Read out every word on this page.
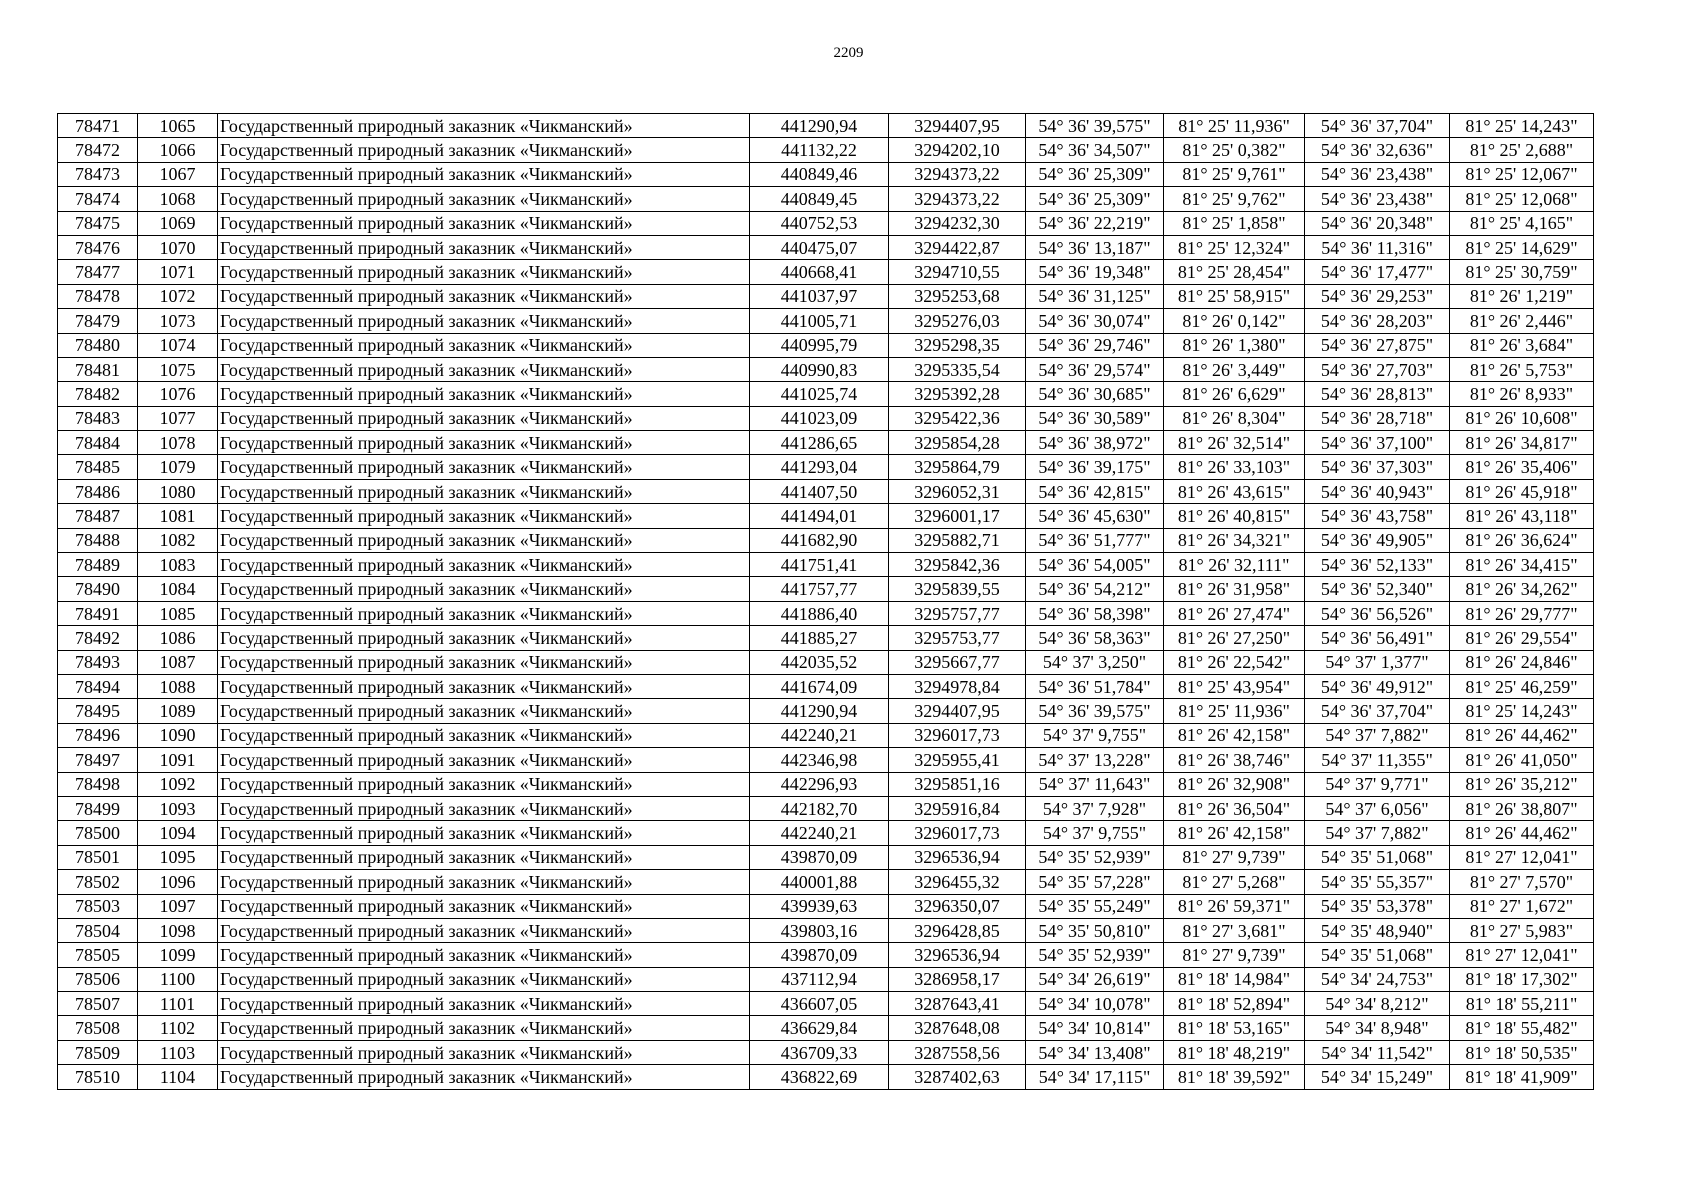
2209
78471	1065	Государственный природный заказник «Чикманский»	441290,94	3294407,95	54° 36' 39,575"	81° 25' 11,936"	54° 36' 37,704"	81° 25' 14,243"
78472	1066	Государственный природный заказник «Чикманский»	441132,22	3294202,10	54° 36' 34,507"	81° 25' 0,382"	54° 36' 32,636"	81° 25' 2,688"
78473	1067	Государственный природный заказник «Чикманский»	440849,46	3294373,22	54° 36' 25,309"	81° 25' 9,761"	54° 36' 23,438"	81° 25' 12,067"
78474	1068	Государственный природный заказник «Чикманский»	440849,45	3294373,22	54° 36' 25,309"	81° 25' 9,762"	54° 36' 23,438"	81° 25' 12,068"
78475	1069	Государственный природный заказник «Чикманский»	440752,53	3294232,30	54° 36' 22,219"	81° 25' 1,858"	54° 36' 20,348"	81° 25' 4,165"
78476	1070	Государственный природный заказник «Чикманский»	440475,07	3294422,87	54° 36' 13,187"	81° 25' 12,324"	54° 36' 11,316"	81° 25' 14,629"
78477	1071	Государственный природный заказник «Чикманский»	440668,41	3294710,55	54° 36' 19,348"	81° 25' 28,454"	54° 36' 17,477"	81° 25' 30,759"
78478	1072	Государственный природный заказник «Чикманский»	441037,97	3295253,68	54° 36' 31,125"	81° 25' 58,915"	54° 36' 29,253"	81° 26' 1,219"
78479	1073	Государственный природный заказник «Чикманский»	441005,71	3295276,03	54° 36' 30,074"	81° 26' 0,142"	54° 36' 28,203"	81° 26' 2,446"
78480	1074	Государственный природный заказник «Чикманский»	440995,79	3295298,35	54° 36' 29,746"	81° 26' 1,380"	54° 36' 27,875"	81° 26' 3,684"
78481	1075	Государственный природный заказник «Чикманский»	440990,83	3295335,54	54° 36' 29,574"	81° 26' 3,449"	54° 36' 27,703"	81° 26' 5,753"
78482	1076	Государственный природный заказник «Чикманский»	441025,74	3295392,28	54° 36' 30,685"	81° 26' 6,629"	54° 36' 28,813"	81° 26' 8,933"
78483	1077	Государственный природный заказник «Чикманский»	441023,09	3295422,36	54° 36' 30,589"	81° 26' 8,304"	54° 36' 28,718"	81° 26' 10,608"
78484	1078	Государственный природный заказник «Чикманский»	441286,65	3295854,28	54° 36' 38,972"	81° 26' 32,514"	54° 36' 37,100"	81° 26' 34,817"
78485	1079	Государственный природный заказник «Чикманский»	441293,04	3295864,79	54° 36' 39,175"	81° 26' 33,103"	54° 36' 37,303"	81° 26' 35,406"
78486	1080	Государственный природный заказник «Чикманский»	441407,50	3296052,31	54° 36' 42,815"	81° 26' 43,615"	54° 36' 40,943"	81° 26' 45,918"
78487	1081	Государственный природный заказник «Чикманский»	441494,01	3296001,17	54° 36' 45,630"	81° 26' 40,815"	54° 36' 43,758"	81° 26' 43,118"
78488	1082	Государственный природный заказник «Чикманский»	441682,90	3295882,71	54° 36' 51,777"	81° 26' 34,321"	54° 36' 49,905"	81° 26' 36,624"
78489	1083	Государственный природный заказник «Чикманский»	441751,41	3295842,36	54° 36' 54,005"	81° 26' 32,111"	54° 36' 52,133"	81° 26' 34,415"
78490	1084	Государственный природный заказник «Чикманский»	441757,77	3295839,55	54° 36' 54,212"	81° 26' 31,958"	54° 36' 52,340"	81° 26' 34,262"
78491	1085	Государственный природный заказник «Чикманский»	441886,40	3295757,77	54° 36' 58,398"	81° 26' 27,474"	54° 36' 56,526"	81° 26' 29,777"
78492	1086	Государственный природный заказник «Чикманский»	441885,27	3295753,77	54° 36' 58,363"	81° 26' 27,250"	54° 36' 56,491"	81° 26' 29,554"
78493	1087	Государственный природный заказник «Чикманский»	442035,52	3295667,77	54° 37' 3,250"	81° 26' 22,542"	54° 37' 1,377"	81° 26' 24,846"
78494	1088	Государственный природный заказник «Чикманский»	441674,09	3294978,84	54° 36' 51,784"	81° 25' 43,954"	54° 36' 49,912"	81° 25' 46,259"
78495	1089	Государственный природный заказник «Чикманский»	441290,94	3294407,95	54° 36' 39,575"	81° 25' 11,936"	54° 36' 37,704"	81° 25' 14,243"
78496	1090	Государственный природный заказник «Чикманский»	442240,21	3296017,73	54° 37' 9,755"	81° 26' 42,158"	54° 37' 7,882"	81° 26' 44,462"
78497	1091	Государственный природный заказник «Чикманский»	442346,98	3295955,41	54° 37' 13,228"	81° 26' 38,746"	54° 37' 11,355"	81° 26' 41,050"
78498	1092	Государственный природный заказник «Чикманский»	442296,93	3295851,16	54° 37' 11,643"	81° 26' 32,908"	54° 37' 9,771"	81° 26' 35,212"
78499	1093	Государственный природный заказник «Чикманский»	442182,70	3295916,84	54° 37' 7,928"	81° 26' 36,504"	54° 37' 6,056"	81° 26' 38,807"
78500	1094	Государственный природный заказник «Чикманский»	442240,21	3296017,73	54° 37' 9,755"	81° 26' 42,158"	54° 37' 7,882"	81° 26' 44,462"
78501	1095	Государственный природный заказник «Чикманский»	439870,09	3296536,94	54° 35' 52,939"	81° 27' 9,739"	54° 35' 51,068"	81° 27' 12,041"
78502	1096	Государственный природный заказник «Чикманский»	440001,88	3296455,32	54° 35' 57,228"	81° 27' 5,268"	54° 35' 55,357"	81° 27' 7,570"
78503	1097	Государственный природный заказник «Чикманский»	439939,63	3296350,07	54° 35' 55,249"	81° 26' 59,371"	54° 35' 53,378"	81° 27' 1,672"
78504	1098	Государственный природный заказник «Чикманский»	439803,16	3296428,85	54° 35' 50,810"	81° 27' 3,681"	54° 35' 48,940"	81° 27' 5,983"
78505	1099	Государственный природный заказник «Чикманский»	439870,09	3296536,94	54° 35' 52,939"	81° 27' 9,739"	54° 35' 51,068"	81° 27' 12,041"
78506	1100	Государственный природный заказник «Чикманский»	437112,94	3286958,17	54° 34' 26,619"	81° 18' 14,984"	54° 34' 24,753"	81° 18' 17,302"
78507	1101	Государственный природный заказник «Чикманский»	436607,05	3287643,41	54° 34' 10,078"	81° 18' 52,894"	54° 34' 8,212"	81° 18' 55,211"
78508	1102	Государственный природный заказник «Чикманский»	436629,84	3287648,08	54° 34' 10,814"	81° 18' 53,165"	54° 34' 8,948"	81° 18' 55,482"
78509	1103	Государственный природный заказник «Чикманский»	436709,33	3287558,56	54° 34' 13,408"	81° 18' 48,219"	54° 34' 11,542"	81° 18' 50,535"
78510	1104	Государственный природный заказник «Чикманский»	436822,69	3287402,63	54° 34' 17,115"	81° 18' 39,592"	54° 34' 15,249"	81° 18' 41,909"
